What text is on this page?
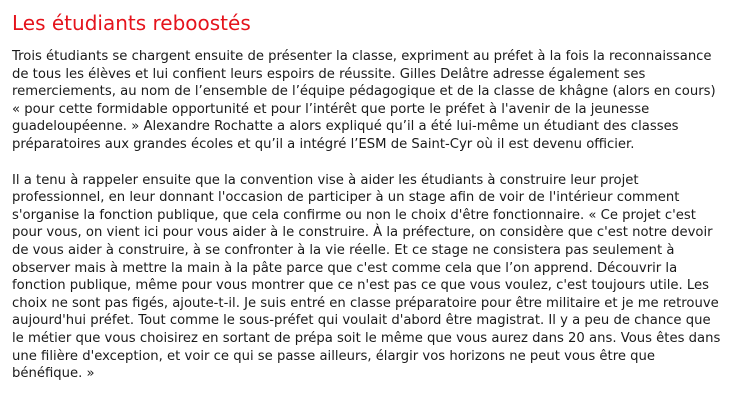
Les étudiants reboostés

Trois étudiants se chargent ensuite de présenter la classe, expriment au préfet à la fois la reconnaissance de tous les élèves et lui confient leurs espoirs de réussite. Gilles Delâtre adresse également ses remerciements, au nom de l’ensemble de l’équipe pédagogique et de la classe de khâgne (alors en cours) « pour cette formidable opportunité et pour l’intérêt que porte le préfet à l'avenir de la jeunesse guadeloupéenne. » Alexandre Rochatte a alors expliqué qu’il a été lui-même un étudiant des classes préparatoires aux grandes écoles et qu’il a intégré l’ESM de Saint-Cyr où il est devenu officier.

Il a tenu à rappeler ensuite que la convention vise à aider les étudiants à construire leur projet professionnel, en leur donnant l'occasion de participer à un stage afin de voir de l'intérieur comment s'organise la fonction publique, que cela confirme ou non le choix d'être fonctionnaire. « Ce projet c'est pour vous, on vient ici pour vous aider à le construire. À la préfecture, on considère que c'est notre devoir de vous aider à construire, à se confronter à la vie réelle. Et ce stage ne consistera pas seulement à observer mais à mettre la main à la pâte parce que c'est comme cela que l’on apprend. Découvrir la fonction publique, même pour vous montrer que ce n'est pas ce que vous voulez, c'est toujours utile. Les choix ne sont pas figés, ajoute-t-il. Je suis entré en classe préparatoire pour être militaire et je me retrouve aujourd'hui préfet. Tout comme le sous-préfet qui voulait d'abord être magistrat. Il y a peu de chance que le métier que vous choisirez en sortant de prépa soit le même que vous aurez dans 20 ans. Vous êtes dans une filière d'exception, et voir ce qui se passe ailleurs, élargir vos horizons ne peut vous être que bénéfique. »
